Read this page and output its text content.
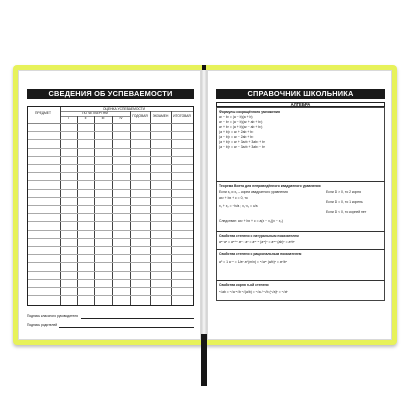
СВЕДЕНИЯ ОБ УСПЕВАЕМОСТИ
ПРЕДМЕТ
ОЦЕНКА УСПЕВАЕМОСТИ
ПО ЧЕТВЕРТЯМ
I	II	III	IV	ГОДОВАЯ	ЭКЗАМЕН	ИТОГОВАЯ
Подпись классного руководителя
Подпись родителей
СПРАВОЧНИК ШКОЛЬНИКА
АЛГЕБРА
Формулы сокращённого умножения
a² − b² = (a − b)(a + b)
a³ − b³ = (a − b)(a² + ab + b²)
a³ + b³ = (a + b)(a² − ab + b²)
(a + b)² = a² + 2ab + b²
(a − b)² = a² − 2ab + b²
(a + b)³ = a³ + 3a²b + 3ab² + b³
(a − b)³ = a³ − 3a²b + 3ab² − b³
Теорема Виета для неприведённого квадратного уравнения
Если x₁ и x₂ – корни квадратного уравнения
ax² + bx + c = 0, то
x₁ + x₂ = −b/a ; x₁·x₂ = c/a
Следствие: ax² + bx + c = a(x − x₁)(x − x₂)
Если D > 0, то 2 корня
Если D = 0, то 1 корень
Если D < 0, то корней нет
Свойства степени с натуральным показателем
aᵐ·aⁿ = aᵐ⁺ⁿ aᵐ : aⁿ = aᵐ⁻ⁿ (aᵐ)ⁿ = aᵐⁿ (ab)ⁿ = aⁿbⁿ
Свойства степени с рациональным показателем
a⁰ = 1 a⁻ⁿ = 1/aⁿ a^(m/n) = ⁿ√aᵐ (a/b)ⁿ = aⁿ/bⁿ
Свойства корня n-ой степени
ⁿ√ab = ⁿ√a·ⁿ√b ⁿ√(a/b) = ⁿ√a / ⁿ√b (ⁿ√a)ᵏ = ⁿ√aᵏ
